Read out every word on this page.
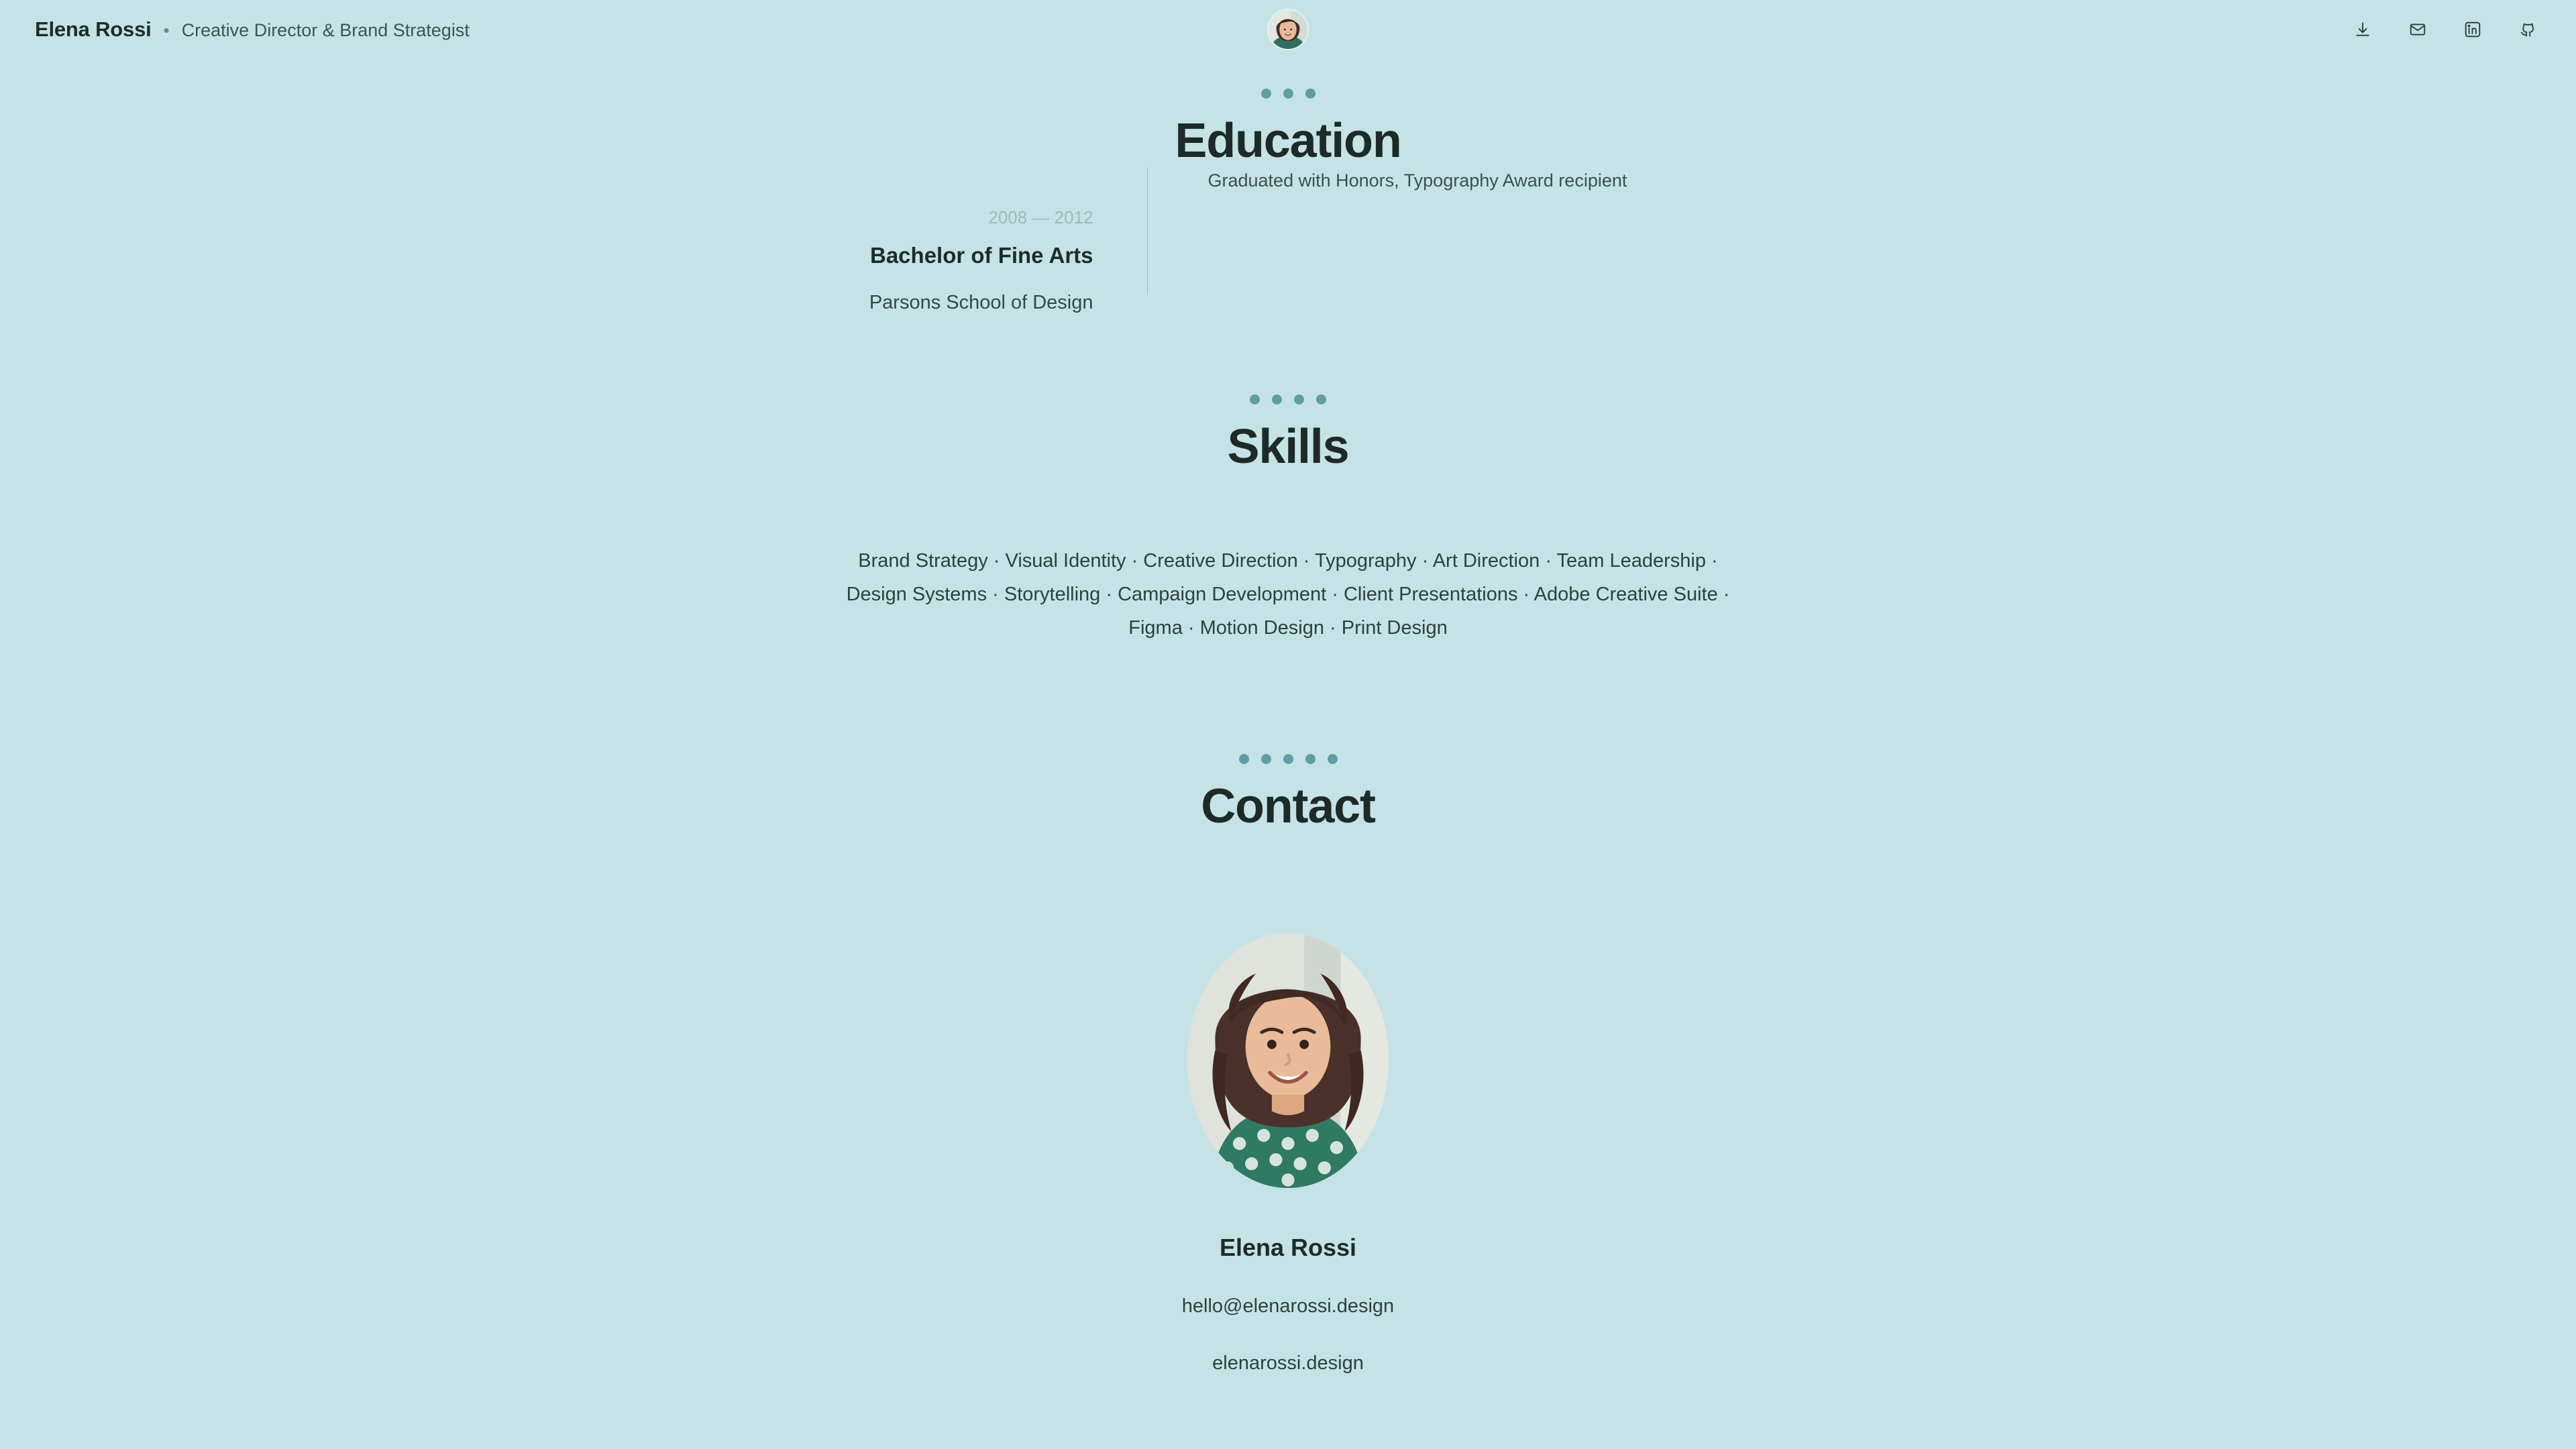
Elena Rossi • Creative Director & Brand Strategist
Education
2008 — 2012
Bachelor of Fine Arts
Parsons School of Design
Graduated with Honors, Typography Award recipient
Skills

Brand Strategy · Visual Identity · Creative Direction · Typography · Art Direction · Team Leadership · Design Systems · Storytelling · Campaign Development · Client Presentations · Adobe Creative Suite · Figma · Motion Design · Print Design

Contact
Elena Rossi
hello@elenarossi.design
elenarossi.design
